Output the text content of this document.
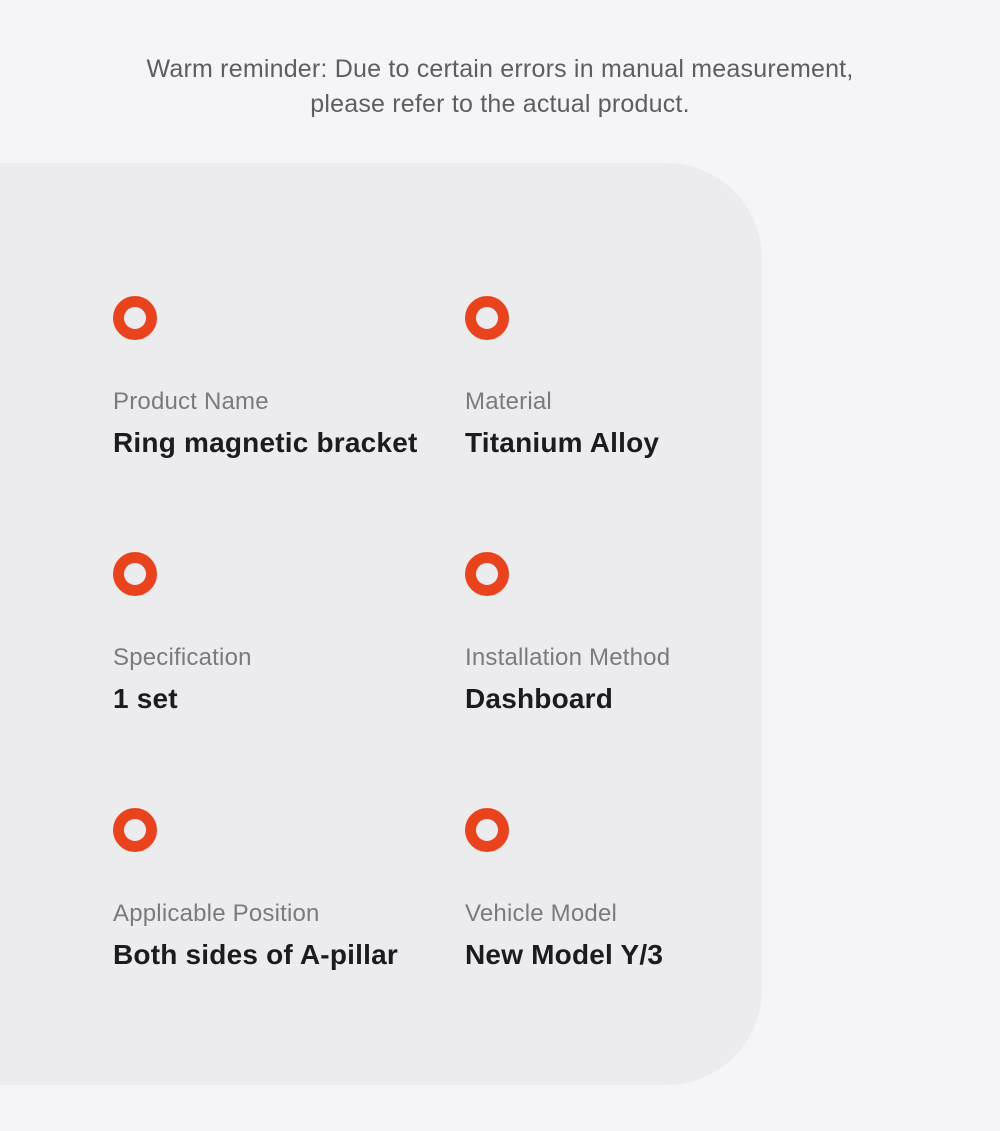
Warm reminder: Due to certain errors in manual measurement,
please refer to the actual product.
Product Name
Ring magnetic bracket
Material
Titanium Alloy
Specification
1 set
Installation Method
Dashboard
Applicable Position
Both sides of A-pillar
Vehicle Model
New Model Y/3
